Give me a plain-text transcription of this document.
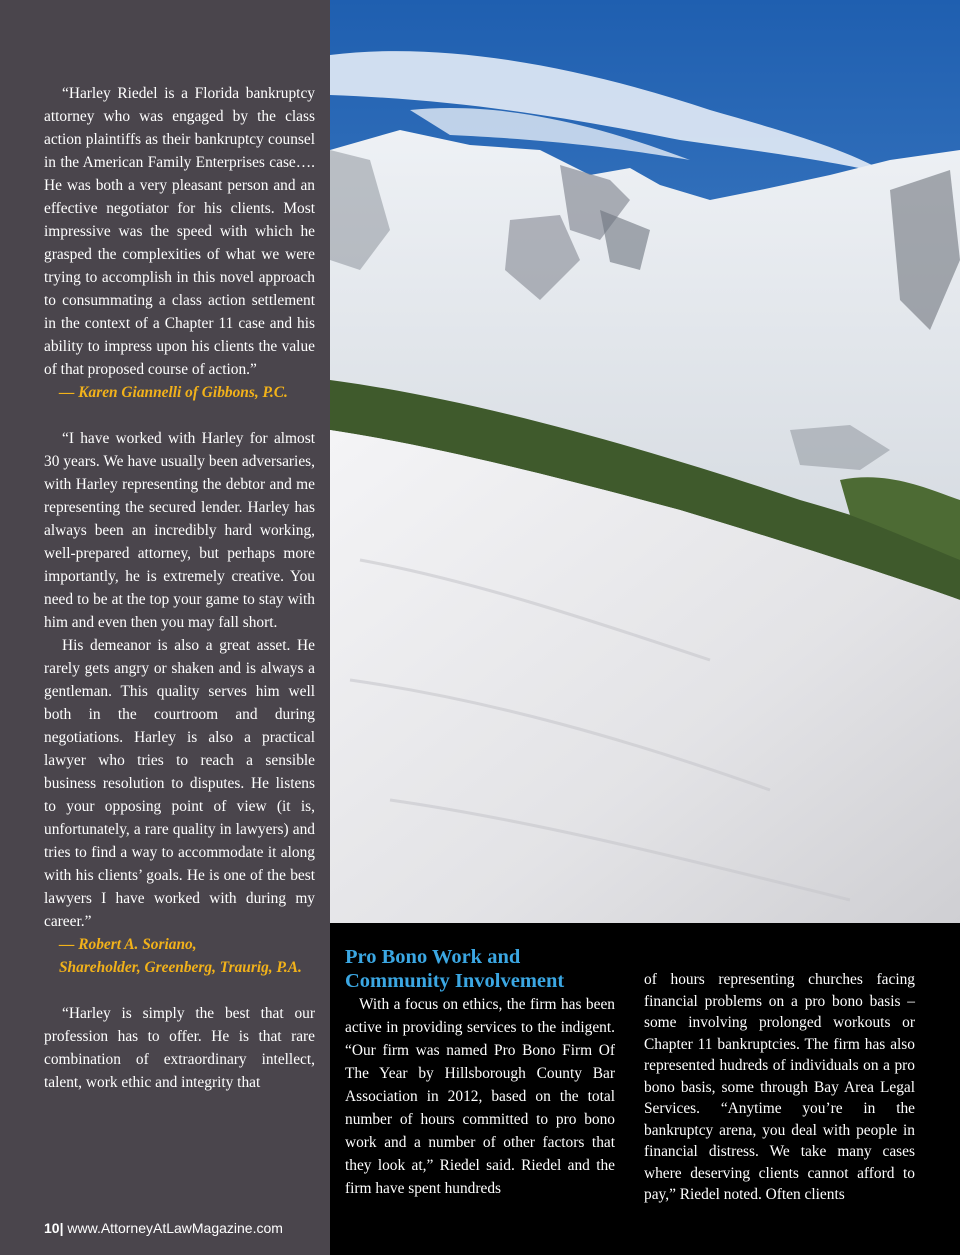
“Harley Riedel is a Florida bankruptcy attorney who was engaged by the class action plaintiffs as their bankruptcy counsel in the American Family Enterprises case…. He was both a very pleasant person and an effective negotiator for his clients. Most impressive was the speed with which he grasped the complexities of what we were trying to accomplish in this novel approach to consummating a class action settlement in the context of a Chapter 11 case and his ability to impress upon his clients the value of that proposed course of action.”

— Karen Giannelli of Gibbons, P.C.

“I have worked with Harley for almost 30 years. We have usually been adversaries, with Harley representing the debtor and me representing the secured lender. Harley has always been an incredibly hard working, well-prepared attorney, but perhaps more importantly, he is extremely creative. You need to be at the top your game to stay with him and even then you may fall short.

His demeanor is also a great asset. He rarely gets angry or shaken and is always a gentleman. This quality serves him well both in the courtroom and during negotiations. Harley is also a practical lawyer who tries to reach a sensible business resolution to disputes. He listens to your opposing point of view (it is, unfortunately, a rare quality in lawyers) and tries to find a way to accommodate it along with his clients’ goals. He is one of the best lawyers I have worked with during my career.”

— Robert A. Soriano,

Shareholder, Greenberg, Traurig, P.A.

“Harley is simply the best that our profession has to offer. He is that rare combination of extraordinary intellect, talent, work ethic and integrity that

Pro Bono Work and Community Involvement

With a focus on ethics, the firm has been active in providing services to the indigent. “Our firm was named Pro Bono Firm Of The Year by Hillsborough County Bar Association in 2012, based on the total number of hours committed to pro bono work and a number of other factors that they look at,” Riedel said. Riedel and the firm have spent hundreds

of hours representing churches facing financial problems on a pro bono basis – some involving prolonged workouts or Chapter 11 bankruptcies. The firm has also represented hudreds of individuals on a pro bono basis, some through Bay Area Legal Services. “Anytime you’re in the bankruptcy arena, you deal with people in financial distress. We take many cases where deserving clients cannot afford to pay,” Riedel noted. Often clients

10| www.AttorneyAtLawMagazine.com
